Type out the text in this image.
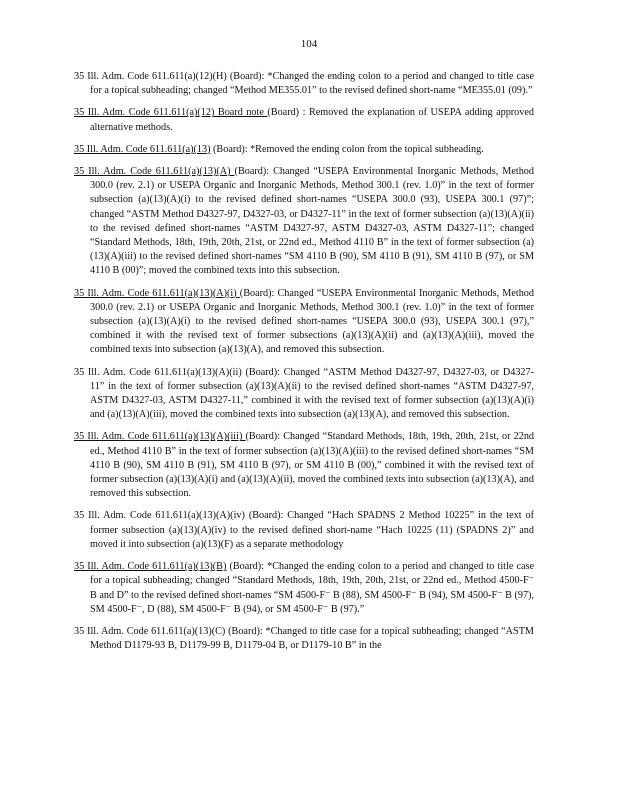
104

35 Ill. Adm. Code 611.611(a)(12)(H) (Board): *Changed the ending colon to a period and changed to title case for a topical subheading; changed “Method ME355.01” to the revised defined short-name “ME355.01 (09).”

35 Ill. Adm. Code 611.611(a)(12) Board note (Board) : Removed the explanation of USEPA adding approved alternative methods.

35 Ill. Adm. Code 611.611(a)(13) (Board): *Removed the ending colon from the topical subheading.

35 Ill. Adm. Code 611.611(a)(13)(A) (Board): Changed “USEPA Environmental Inorganic Methods, Method 300.0 (rev. 2.1) or USEPA Organic and Inorganic Methods, Method 300.1 (rev. 1.0)” in the text of former subsection (a)(13)(A)(i) to the revised defined short-names “USEPA 300.0 (93), USEPA 300.1 (97)”; changed “ASTM Method D4327-97, D4327-03, or D4327-11” in the text of former subsection (a)(13)(A)(ii) to the revised defined short-names “ASTM D4327-97, ASTM D4327-03, ASTM D4327-11”; changed “Standard Methods, 18th, 19th, 20th, 21st, or 22nd ed., Method 4110 B” in the text of former subsection (a)(13)(A)(iii) to the revised defined short-names “SM 4110 B (90), SM 4110 B (91), SM 4110 B (97), or SM 4110 B (00)”; moved the combined texts into this subsection.

35 Ill. Adm. Code 611.611(a)(13)(A)(i) (Board): Changed “USEPA Environmental Inorganic Methods, Method 300.0 (rev. 2.1) or USEPA Organic and Inorganic Methods, Method 300.1 (rev. 1.0)” in the text of former subsection (a)(13)(A)(i) to the revised defined short-names “USEPA 300.0 (93), USEPA 300.1 (97),” combined it with the revised text of former subsections (a)(13)(A)(ii) and (a)(13)(A)(iii), moved the combined texts into subsection (a)(13)(A), and removed this subsection.

35 Ill. Adm. Code 611.611(a)(13)(A)(ii) (Board): Changed “ASTM Method D4327-97, D4327-03, or D4327-11” in the text of former subsection (a)(13)(A)(ii) to the revised defined short-names “ASTM D4327-97, ASTM D4327-03, ASTM D4327-11,” combined it with the revised text of former subsection (a)(13)(A)(i) and (a)(13)(A)(iii), moved the combined texts into subsection (a)(13)(A), and removed this subsection.

35 Ill. Adm. Code 611.611(a)(13)(A)(iii) (Board): Changed “Standard Methods, 18th, 19th, 20th, 21st, or 22nd ed., Method 4110 B” in the text of former subsection (a)(13)(A)(iii) to the revised defined short-names “SM 4110 B (90), SM 4110 B (91), SM 4110 B (97), or SM 4110 B (00),” combined it with the revised text of former subsection (a)(13)(A)(i) and (a)(13)(A)(ii), moved the combined texts into subsection (a)(13)(A), and removed this subsection.

35 Ill. Adm. Code 611.611(a)(13)(A)(iv) (Board): Changed “Hach SPADNS 2 Method 10225” in the text of former subsection (a)(13)(A)(iv) to the revised defined short-name “Hach 10225 (11) (SPADNS 2)” and moved it into subsection (a)(13)(F) as a separate methodology

35 Ill. Adm. Code 611.611(a)(13)(B) (Board): *Changed the ending colon to a period and changed to title case for a topical subheading; changed “Standard Methods, 18th, 19th, 20th, 21st, or 22nd ed., Method 4500-F⁻ B and D” to the revised defined short-names “SM 4500-F⁻ B (88), SM 4500-F⁻ B (94), SM 4500-F⁻ B (97), SM 4500-F⁻, D (88), SM 4500-F⁻ B (94), or SM 4500-F⁻ B (97).”

35 Ill. Adm. Code 611.611(a)(13)(C) (Board): *Changed to title case for a topical subheading; changed “ASTM Method D1179-93 B, D1179-99 B, D1179-04 B, or D1179-10 B” in the
